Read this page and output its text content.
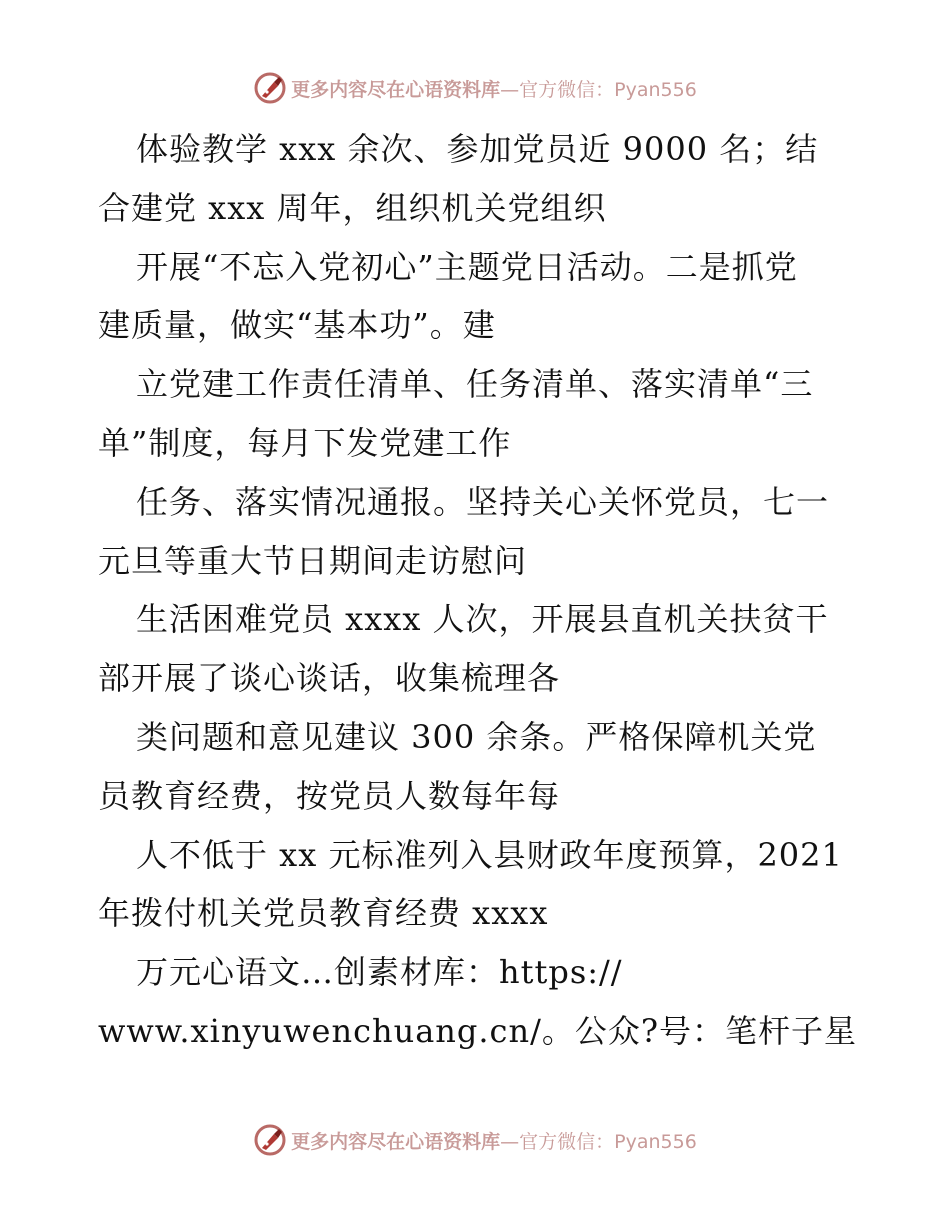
更多内容尽在心语资料库 —官方微信：Pyan556
体验教学 xxx 余次、参加党员近 9000 名；结
合建党 xxx 周年，组织机关党组织
开展“不忘入党初心”主题党日活动。二是抓党
建质量，做实“基本功”。建
立党建工作责任清单、任务清单、落实清单“三
单”制度，每月下发党建工作
任务、落实情况通报。坚持关心关怀党员，七一
元旦等重大节日期间走访慰问
生活困难党员 xxxx 人次，开展县直机关扶贫干
部开展了谈心谈话，收集梳理各
类问题和意见建议 300 余条。严格保障机关党
员教育经费，按党员人数每年每
人不低于 xx 元标准列入县财政年度预算，2021
年拨付机关党员教育经费 xxxx
万元心语文…创素材库：https://
www.xinyuwenchuang.cn/。公众?号：笔杆子星
更多内容尽在心语资料库 —官方微信：Pyan556
